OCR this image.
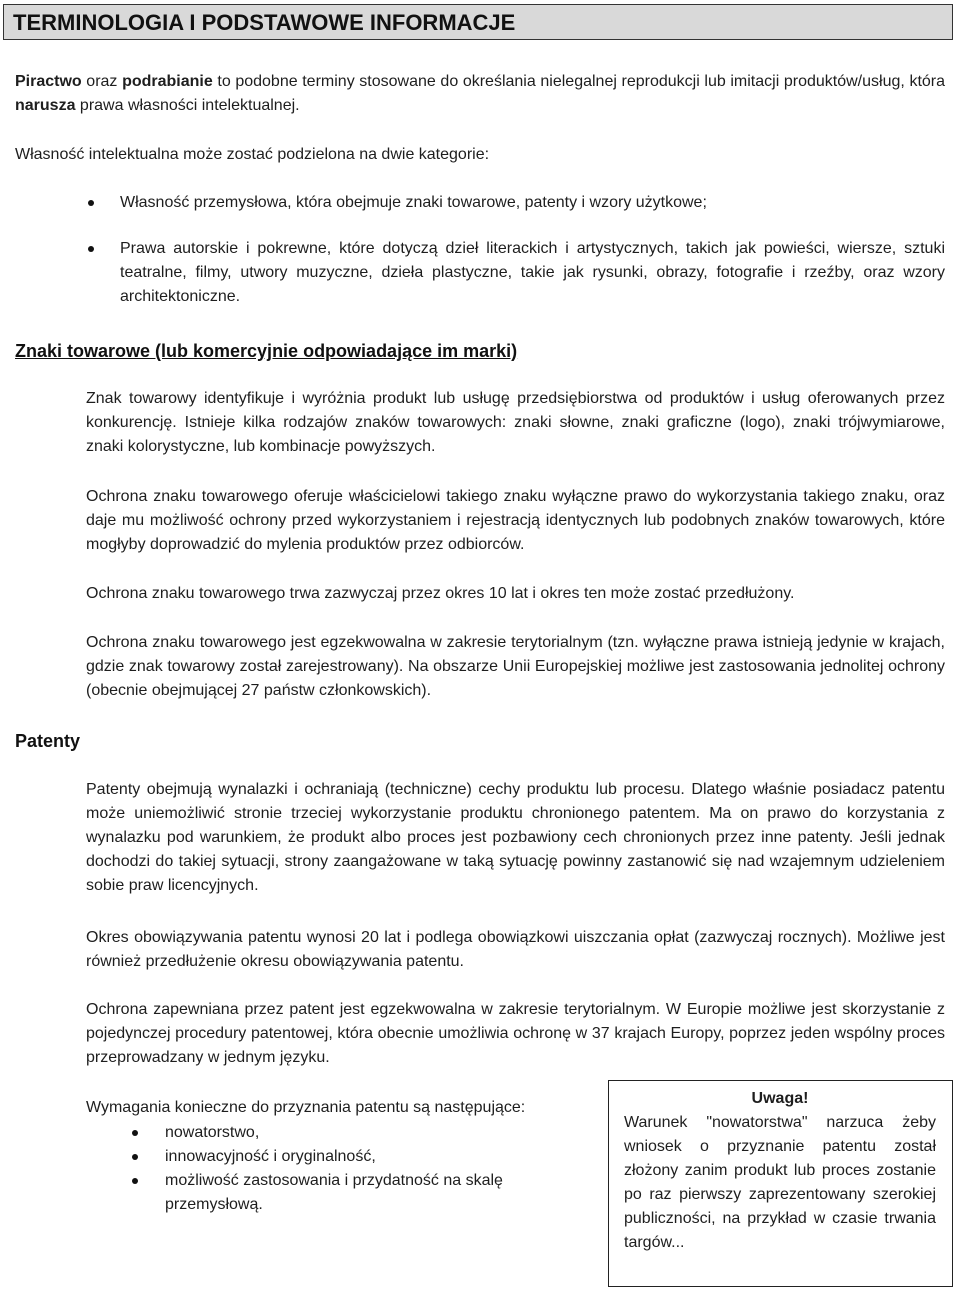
TERMINOLOGIA I PODSTAWOWE INFORMACJE

Piractwo oraz podrabianie to podobne terminy stosowane do określania nielegalnej reprodukcji lub imitacji produktów/usług, która narusza prawa własności intelektualnej.

Własność intelektualna może zostać podzielona na dwie kategorie:

Własność przemysłowa, która obejmuje znaki towarowe, patenty i wzory użytkowe;

Prawa autorskie i pokrewne, które dotyczą dzieł literackich i artystycznych, takich jak powieści, wiersze, sztuki teatralne, filmy, utwory muzyczne, dzieła plastyczne, takie jak rysunki, obrazy, fotografie i rzeźby, oraz wzory architektoniczne.

Znaki towarowe (lub komercyjnie odpowiadające im marki)

Znak towarowy identyfikuje i wyróżnia produkt lub usługę przedsiębiorstwa od produktów i usług oferowanych przez konkurencję. Istnieje kilka rodzajów znaków towarowych: znaki słowne, znaki graficzne (logo), znaki trójwymiarowe, znaki kolorystyczne, lub kombinacje powyższych.

Ochrona znaku towarowego oferuje właścicielowi takiego znaku wyłączne prawo do wykorzystania takiego znaku, oraz daje mu możliwość ochrony przed wykorzystaniem i rejestracją identycznych lub podobnych znaków towarowych, które mogłyby doprowadzić do mylenia produktów przez odbiorców.

Ochrona znaku towarowego trwa zazwyczaj przez okres 10 lat i okres ten może zostać przedłużony.

Ochrona znaku towarowego jest egzekwowalna w zakresie terytorialnym (tzn. wyłączne prawa istnieją jedynie w krajach, gdzie znak towarowy został zarejestrowany). Na obszarze Unii Europejskiej możliwe jest zastosowania jednolitej ochrony (obecnie obejmującej 27 państw członkowskich).

Patenty

Patenty obejmują wynalazki i ochraniają (techniczne) cechy produktu lub procesu. Dlatego właśnie posiadacz patentu może uniemożliwić stronie trzeciej wykorzystanie produktu chronionego patentem. Ma on prawo do korzystania z wynalazku pod warunkiem, że produkt albo proces jest pozbawiony cech chronionych przez inne patenty. Jeśli jednak dochodzi do takiej sytuacji, strony zaangażowane w taką sytuację powinny zastanowić się nad wzajemnym udzieleniem sobie praw licencyjnych.

Okres obowiązywania patentu wynosi 20 lat i podlega obowiązkowi uiszczania opłat (zazwyczaj rocznych). Możliwe jest również przedłużenie okresu obowiązywania patentu.

Ochrona zapewniana przez patent jest egzekwowalna w zakresie terytorialnym. W Europie możliwe jest skorzystanie z pojedynczej procedury patentowej, która obecnie umożliwia ochronę w 37 krajach Europy, poprzez jeden wspólny proces przeprowadzany w jednym języku.

Wymagania konieczne do przyznania patentu są następujące:

nowatorstwo,

innowacyjność i oryginalność,

możliwość zastosowania i przydatność na skalę przemysłową.

Uwaga!

Warunek "nowatorstwa" narzuca żeby wniosek o przyznanie patentu został złożony zanim produkt lub proces zostanie po raz pierwszy zaprezentowany szerokiej publiczności, na przykład w czasie trwania targów...
